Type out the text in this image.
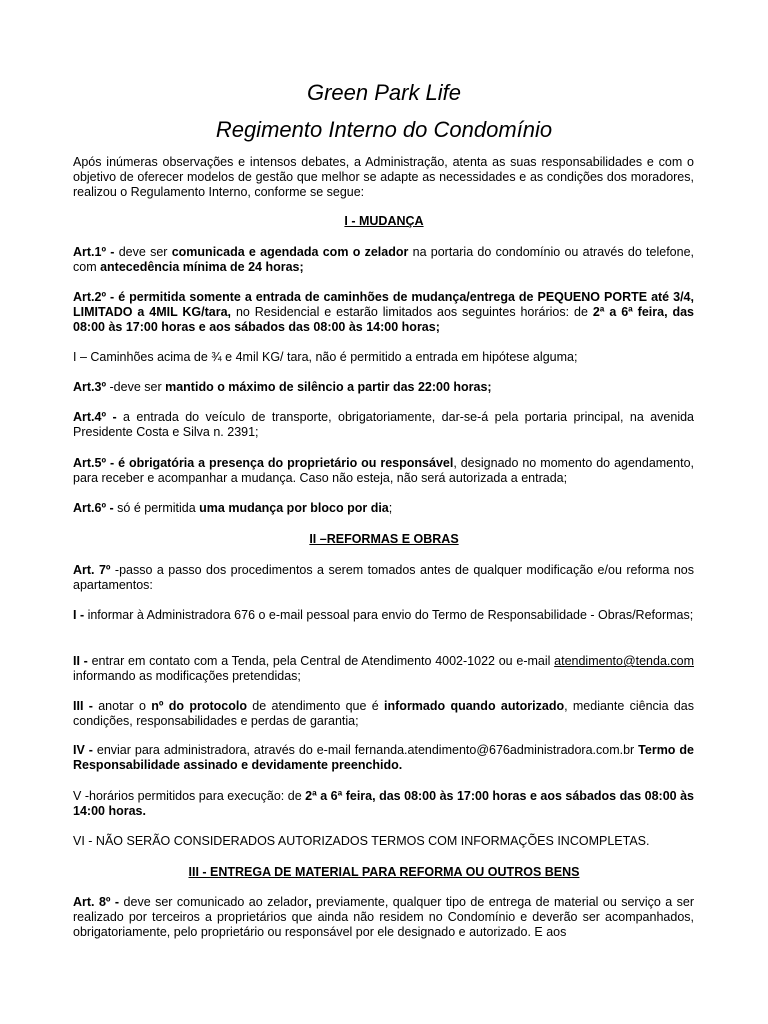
Green Park Life
Regimento Interno do Condomínio
Após inúmeras observações e intensos debates, a Administração, atenta as suas responsabilidades e com o objetivo de oferecer modelos de gestão que melhor se adapte as necessidades e as condições dos moradores, realizou o Regulamento Interno, conforme se segue:
I - MUDANÇA
Art.1º - deve ser comunicada e agendada com o zelador na portaria do condomínio ou através do telefone, com antecedência mínima de 24 horas;
Art.2º - é permitida somente a entrada de caminhões de mudança/entrega de PEQUENO PORTE até 3/4, LIMITADO a 4MIL KG/tara, no Residencial e estarão limitados aos seguintes horários: de 2ª a 6ª feira, das 08:00 às 17:00 horas e aos sábados das 08:00 às 14:00 horas;
I – Caminhões acima de ¾ e 4mil KG/ tara, não é permitido a entrada em hipótese alguma;
Art.3º -deve ser mantido o máximo de silêncio a partir das 22:00 horas;
Art.4º - a entrada do veículo de transporte, obrigatoriamente, dar-se-á pela portaria principal, na avenida Presidente Costa e Silva n. 2391;
Art.5º - é obrigatória a presença do proprietário ou responsável, designado no momento do agendamento, para receber e acompanhar a mudança. Caso não esteja, não será autorizada a entrada;
Art.6º - só é permitida uma mudança por bloco por dia;
II –REFORMAS E OBRAS
Art. 7º -passo a passo dos procedimentos a serem tomados antes de qualquer modificação e/ou reforma nos apartamentos:
I - informar à Administradora 676 o e-mail pessoal para envio do Termo de Responsabilidade - Obras/Reformas;
II - entrar em contato com a Tenda, pela Central de Atendimento 4002-1022 ou e-mail atendimento@tenda.com informando as modificações pretendidas;
III - anotar o nº do protocolo de atendimento que é informado quando autorizado, mediante ciência das condições, responsabilidades e perdas de garantia;
IV - enviar para administradora, através do e-mail fernanda.atendimento@676administradora.com.br Termo de Responsabilidade assinado e devidamente preenchido.
V -horários permitidos para execução: de 2ª a 6ª feira, das 08:00 às 17:00 horas e aos sábados das 08:00 às 14:00 horas.
VI - NÃO SERÃO CONSIDERADOS AUTORIZADOS TERMOS COM INFORMAÇÕES INCOMPLETAS.
III - ENTREGA DE MATERIAL PARA REFORMA OU OUTROS BENS
Art. 8º - deve ser comunicado ao zelador, previamente, qualquer tipo de entrega de material ou serviço a ser realizado por terceiros a proprietários que ainda não residem no Condomínio e deverão ser acompanhados, obrigatoriamente, pelo proprietário ou responsável por ele designado e autorizado. E aos
